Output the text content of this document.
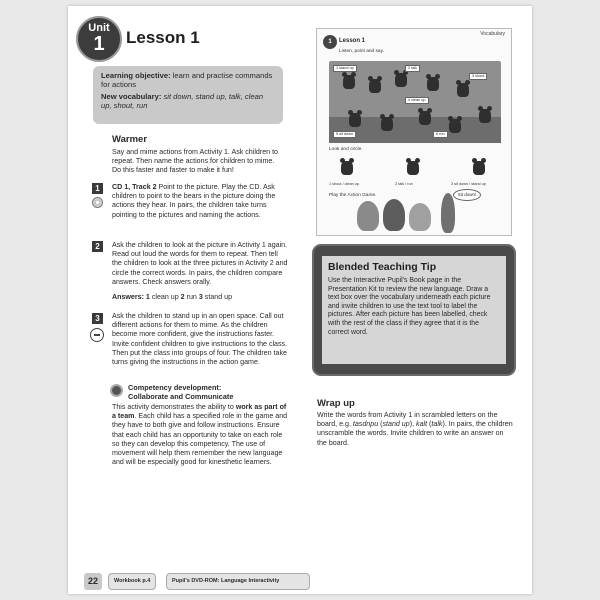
Unit
1	Lesson 1
Learning objective: learn and practise commands for actions
New vocabulary: sit down, stand up, talk, clean up, shout, run
Warmer
Say and mime actions from Activity 1. Ask children to repeat. Then name the actions for children to mime. Do this faster and faster to make it fun!
1	CD 1, Track 2 Point to the picture. Play the CD. Ask children to point to the bears in the picture doing the actions they hear. In pairs, the children take turns pointing to the pictures and naming the actions.
2	Ask the children to look at the picture in Activity 1 again. Read out loud the words for them to repeat. Then tell the children to look at the three pictures in Activity 2 and circle the correct words. In pairs, the children compare answers. Check answers orally.
Answers: 1 clean up 2 run 3 stand up
3	Ask the children to stand up in an open space. Call out different actions for them to mime. As the children become more confident, give the instructions faster. Invite confident children to give instructions to the class. Then put the class into groups of four. The children take turns giving the instructions in the action game.
Competency development:
Collaborate and Communicate
This activity demonstrates the ability to work as part of a team. Each child has a specified role in the game and they have to both give and follow instructions. Ensure that each child has an opportunity to take on each role so they can develop this competency. The use of movement will help them remember the new language and will be especially good for kinesthetic learners.
Vocabulary
1	Lesson 1
Listen, point and say.
1 stand up	2 talk
3 shout
4 clean up
5 sit down	6 run
Look and circle.
1 shout / clean up	2 talk / run	3 sit down / stand up
Play the Action Game.	Sit down!
Blended Teaching Tip
Use the Interactive Pupil's Book page in the Presentation Kit to review the new language. Draw a text box over the vocabulary underneath each picture and invite children to use the text tool to label the pictures. After each picture has been labelled, check with the rest of the class if they agree that it is the correct word.
Wrap up
Write the words from Activity 1 in scrambled letters on the board, e.g. tasdnpu (stand up), kalt (talk). In pairs, the children unscramble the words. Invite children to write an answer on the board.
22	Workbook p.4	Pupil's DVD-ROM: Language Interactivity
